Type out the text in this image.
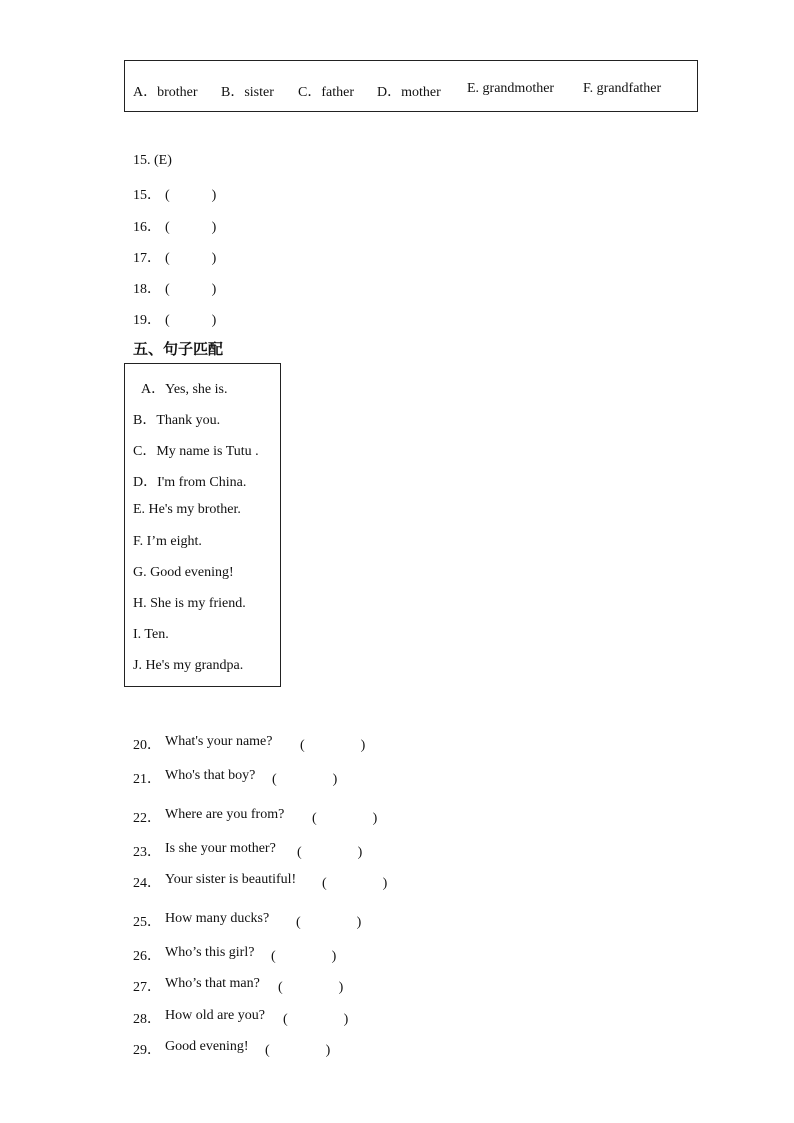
A．brother B．sister C．father D．mother E. grandmother F. grandfather
15. (E)
15． (　　　)
16． (　　　)
17． (　　　)
18． (　　　)
19． (　　　)
五、句子匹配
A．Yes, she is.
B．Thank you.
C．My name is Tutu .
D．I'm from China.
E. He's my brother.
F. I’m eight.
G. Good evening!
H. She is my friend.
I. Ten.
J. He's my grandpa.
20． What's your name? (　　　　)
21． Who's that boy? (　　　　)
22． Where are you from? (　　　　)
23． Is she your mother? (　　　　)
24． Your sister is beautiful! (　　　　)
25． How many ducks? (　　　　)
26． Who’s this girl? (　　　　)
27． Who’s that man? (　　　　)
28． How old are you? (　　　　)
29． Good evening! (　　　　)
